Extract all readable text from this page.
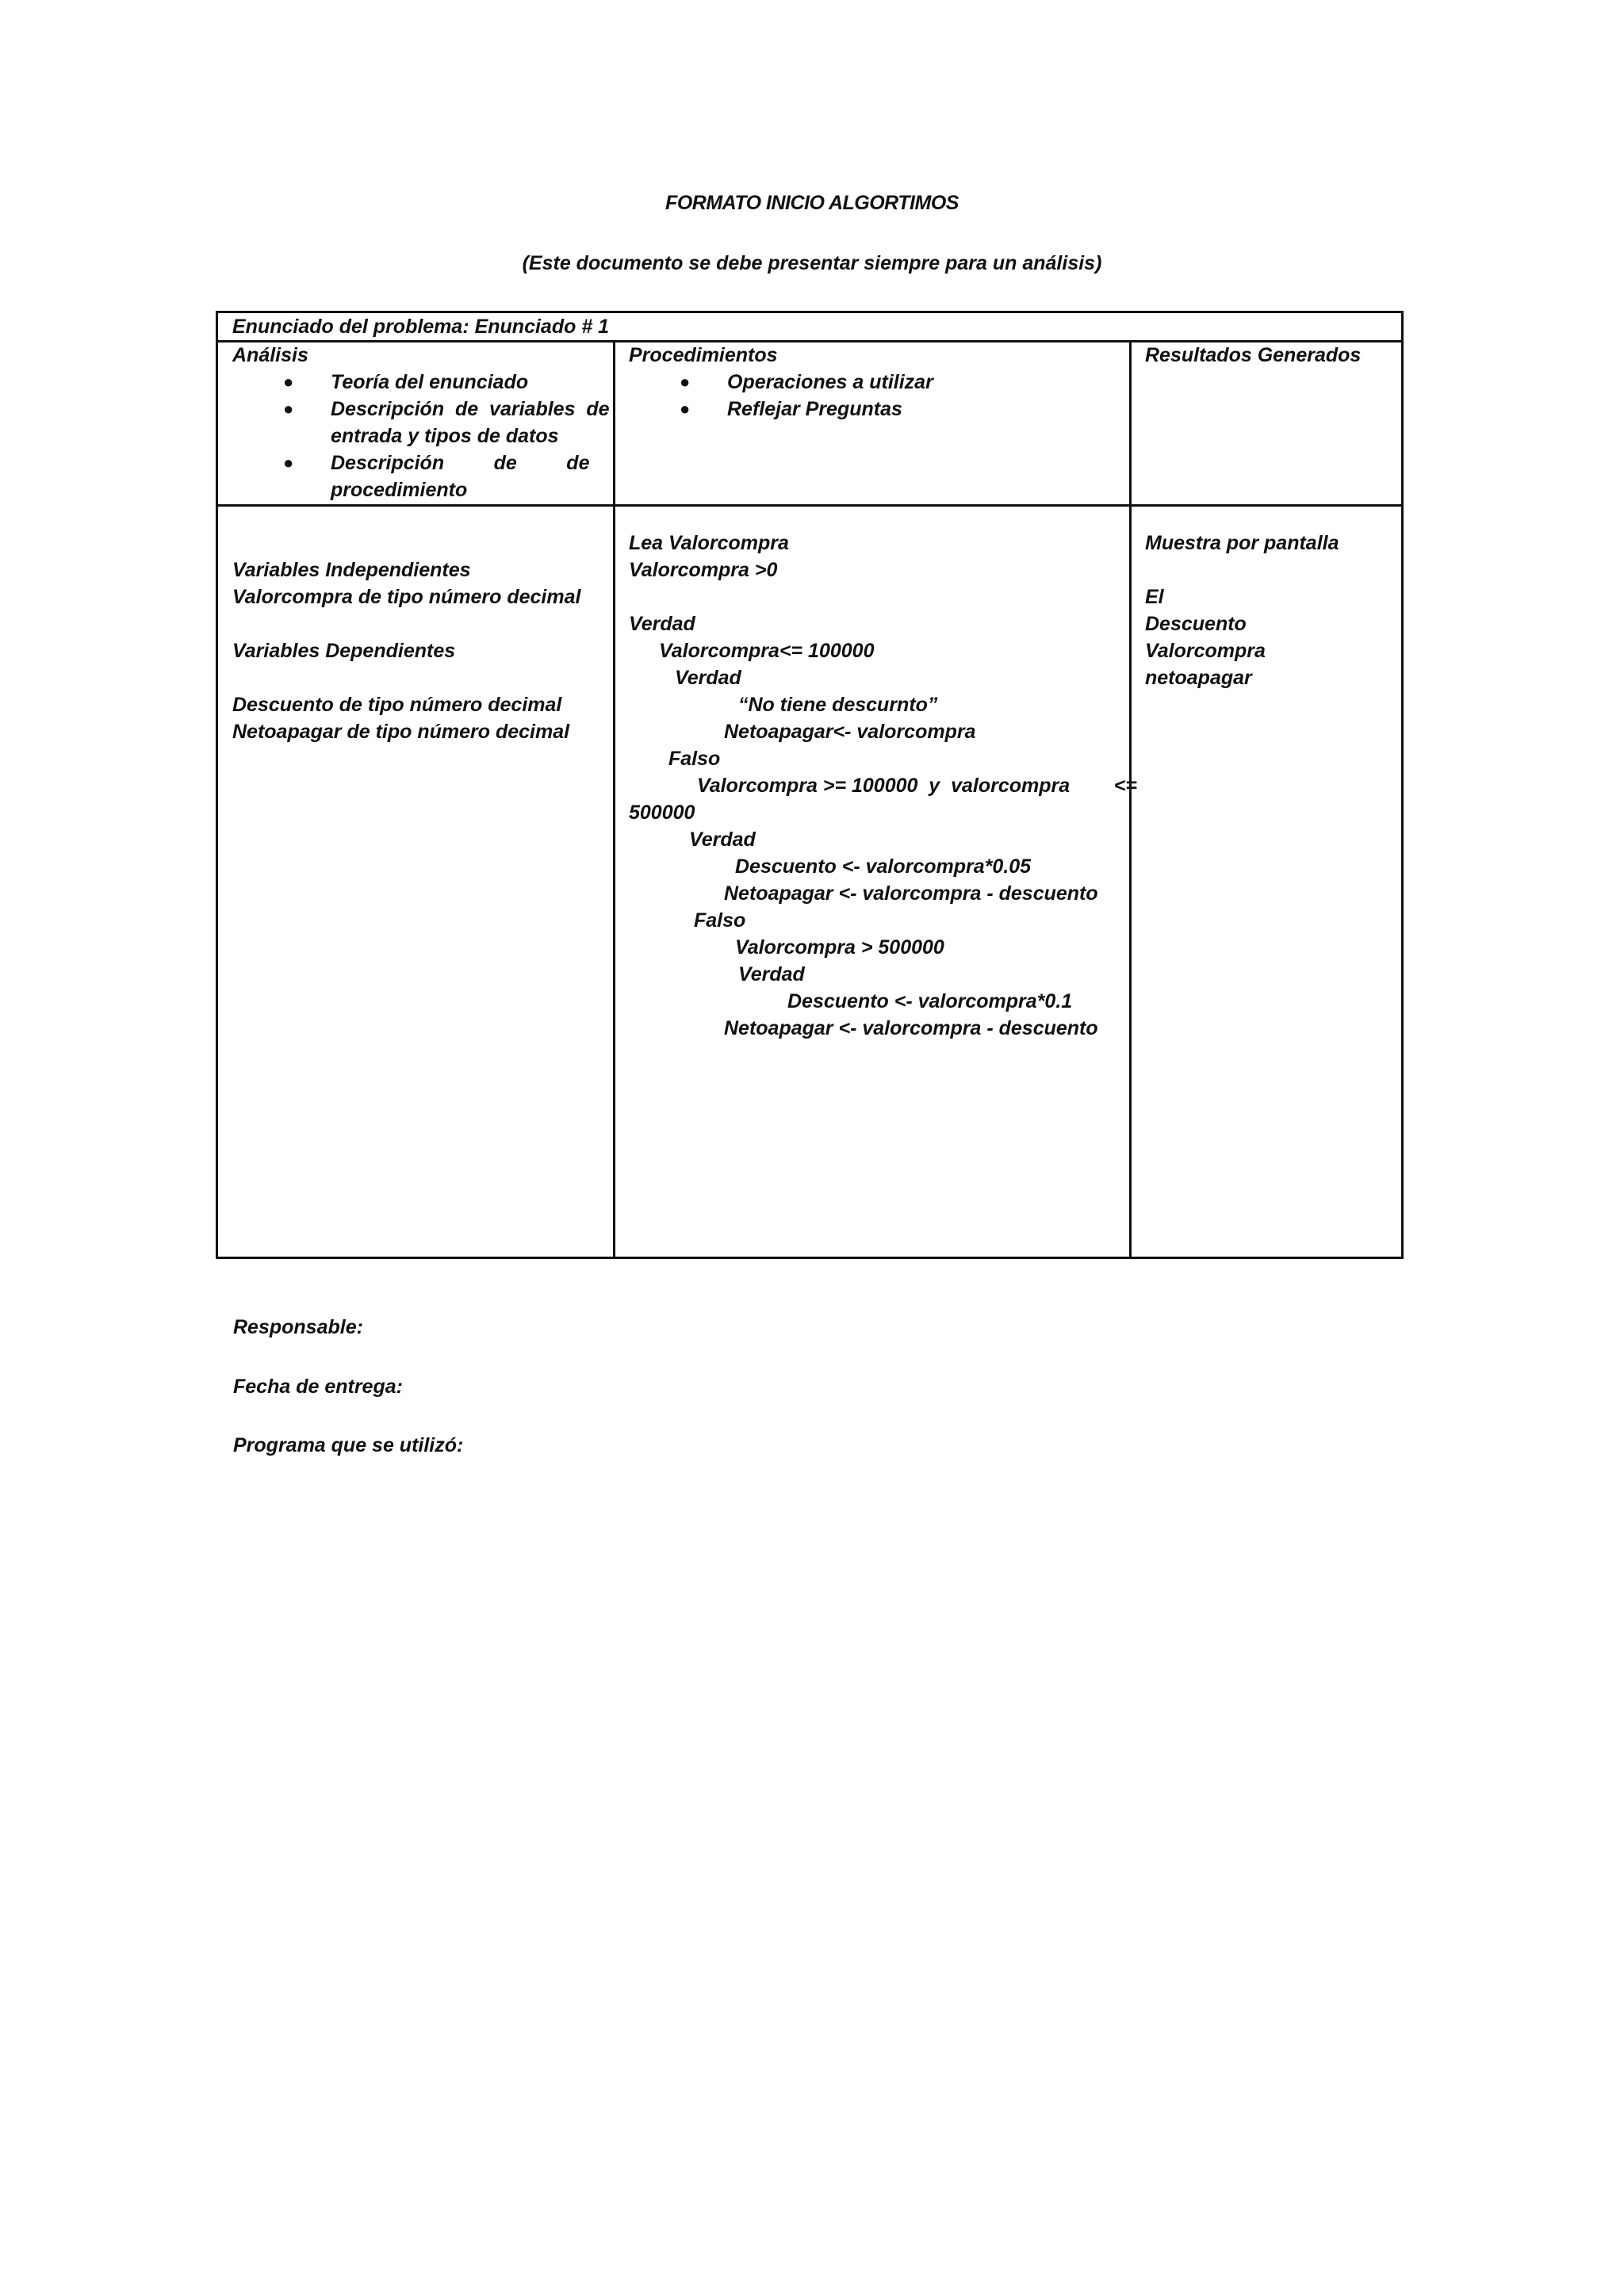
FORMATO INICIO ALGORTIMOS
(Este documento se debe presentar siempre para un análisis)
Enunciado del problema: Enunciado # 1
Análisis
● Teoría del enunciado
● Descripción  de  variables  de
entrada y tipos de datos
● Descripción         de         de
procedimiento
Procedimientos
● Operaciones a utilizar
● Reflejar Preguntas
Resultados Generados
Variables Independientes
Valorcompra de tipo número decimal
Variables Dependientes
Descuento de tipo número decimal
Netoapagar de tipo número decimal
Lea Valorcompra
Valorcompra >0
Verdad
Valorcompra<= 100000
Verdad
“No tiene descurnto”
Netoapagar<- valorcompra
Falso
Valorcompra >= 100000  y  valorcompra        <=
500000
Verdad
Descuento <- valorcompra*0.05
Netoapagar <- valorcompra - descuento
Falso
Valorcompra > 500000
Verdad
Descuento <- valorcompra*0.1
Netoapagar <- valorcompra - descuento
Muestra por pantalla
El
Descuento
Valorcompra
netoapagar
Responsable:
Fecha de entrega:
Programa que se utilizó:
